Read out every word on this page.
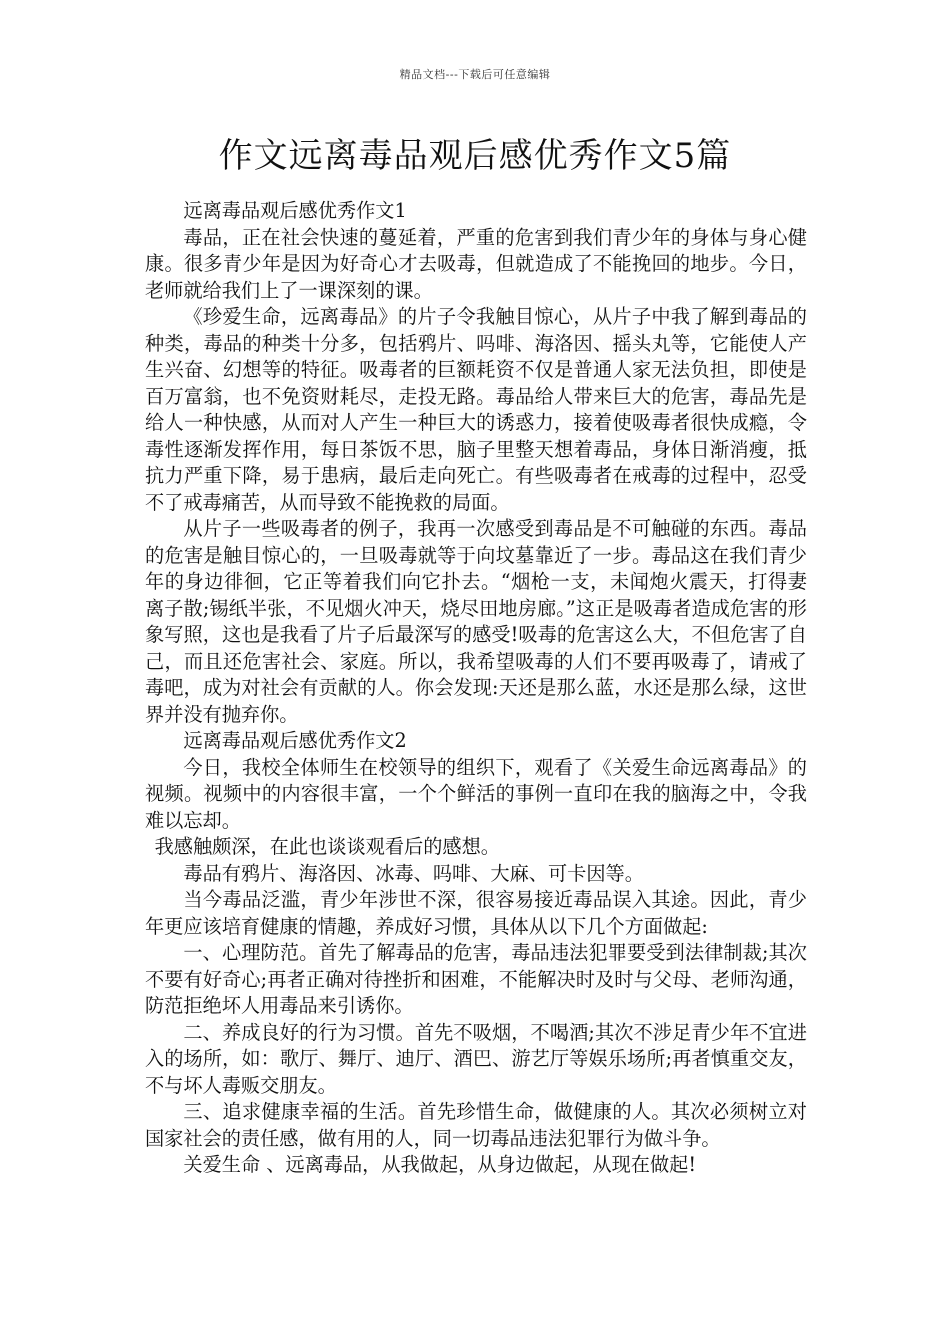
精品文档---下载后可任意编辑
作文远离毒品观后感优秀作文5篇

远离毒品观后感优秀作文1

毒品，正在社会快速的蔓延着，严重的危害到我们青少年的身体与身心健康。很多青少年是因为好奇心才去吸毒，但就造成了不能挽回的地步。今日，老师就给我们上了一课深刻的课。

《珍爱生命，远离毒品》的片子令我触目惊心，从片子中我了解到毒品的种类，毒品的种类十分多，包括鸦片、吗啡、海洛因、摇头丸等，它能使人产生兴奋、幻想等的特征。吸毒者的巨额耗资不仅是普通人家无法负担，即使是百万富翁，也不免资财耗尽，走投无路。毒品给人带来巨大的危害，毒品先是给人一种快感，从而对人产生一种巨大的诱惑力，接着使吸毒者很快成瘾，令毒性逐渐发挥作用，每日茶饭不思，脑子里整天想着毒品，身体日渐消瘦，抵抗力严重下降，易于患病，最后走向死亡。有些吸毒者在戒毒的过程中，忍受不了戒毒痛苦，从而导致不能挽救的局面。

从片子一些吸毒者的例子，我再一次感受到毒品是不可触碰的东西。毒品的危害是触目惊心的，一旦吸毒就等于向坟墓靠近了一步。毒品这在我们青少年的身边徘徊，它正等着我们向它扑去。“烟枪一支，未闻炮火震天，打得妻离子散;锡纸半张，不见烟火冲天，烧尽田地房廊。”这正是吸毒者造成危害的形象写照，这也是我看了片子后最深写的感受!吸毒的危害这么大，不但危害了自己，而且还危害社会、家庭。所以，我希望吸毒的人们不要再吸毒了，请戒了毒吧，成为对社会有贡献的人。你会发现:天还是那么蓝，水还是那么绿，这世界并没有抛弃你。

远离毒品观后感优秀作文2

今日，我校全体师生在校领导的组织下，观看了《关爱生命远离毒品》的视频。视频中的内容很丰富，一个个鲜活的事例一直印在我的脑海之中，令我难以忘却。

我感触颇深，在此也谈谈观看后的感想。

毒品有鸦片、海洛因、冰毒、吗啡、大麻、可卡因等。

当今毒品泛滥，青少年涉世不深，很容易接近毒品误入其途。因此，青少年更应该培育健康的情趣，养成好习惯，具体从以下几个方面做起:

一、心理防范。首先了解毒品的危害，毒品违法犯罪要受到法律制裁;其次不要有好奇心;再者正确对待挫折和困难，不能解决时及时与父母、老师沟通，防范拒绝坏人用毒品来引诱你。

二、养成良好的行为习惯。首先不吸烟，不喝酒;其次不涉足青少年不宜进入的场所，如：歌厅、舞厅、迪厅、酒巴、游艺厅等娱乐场所;再者慎重交友，不与坏人毒贩交朋友。

三、追求健康幸福的生活。首先珍惜生命，做健康的人。其次必须树立对国家社会的责任感，做有用的人，同一切毒品违法犯罪行为做斗争。

关爱生命 、远离毒品，从我做起，从身边做起，从现在做起!
